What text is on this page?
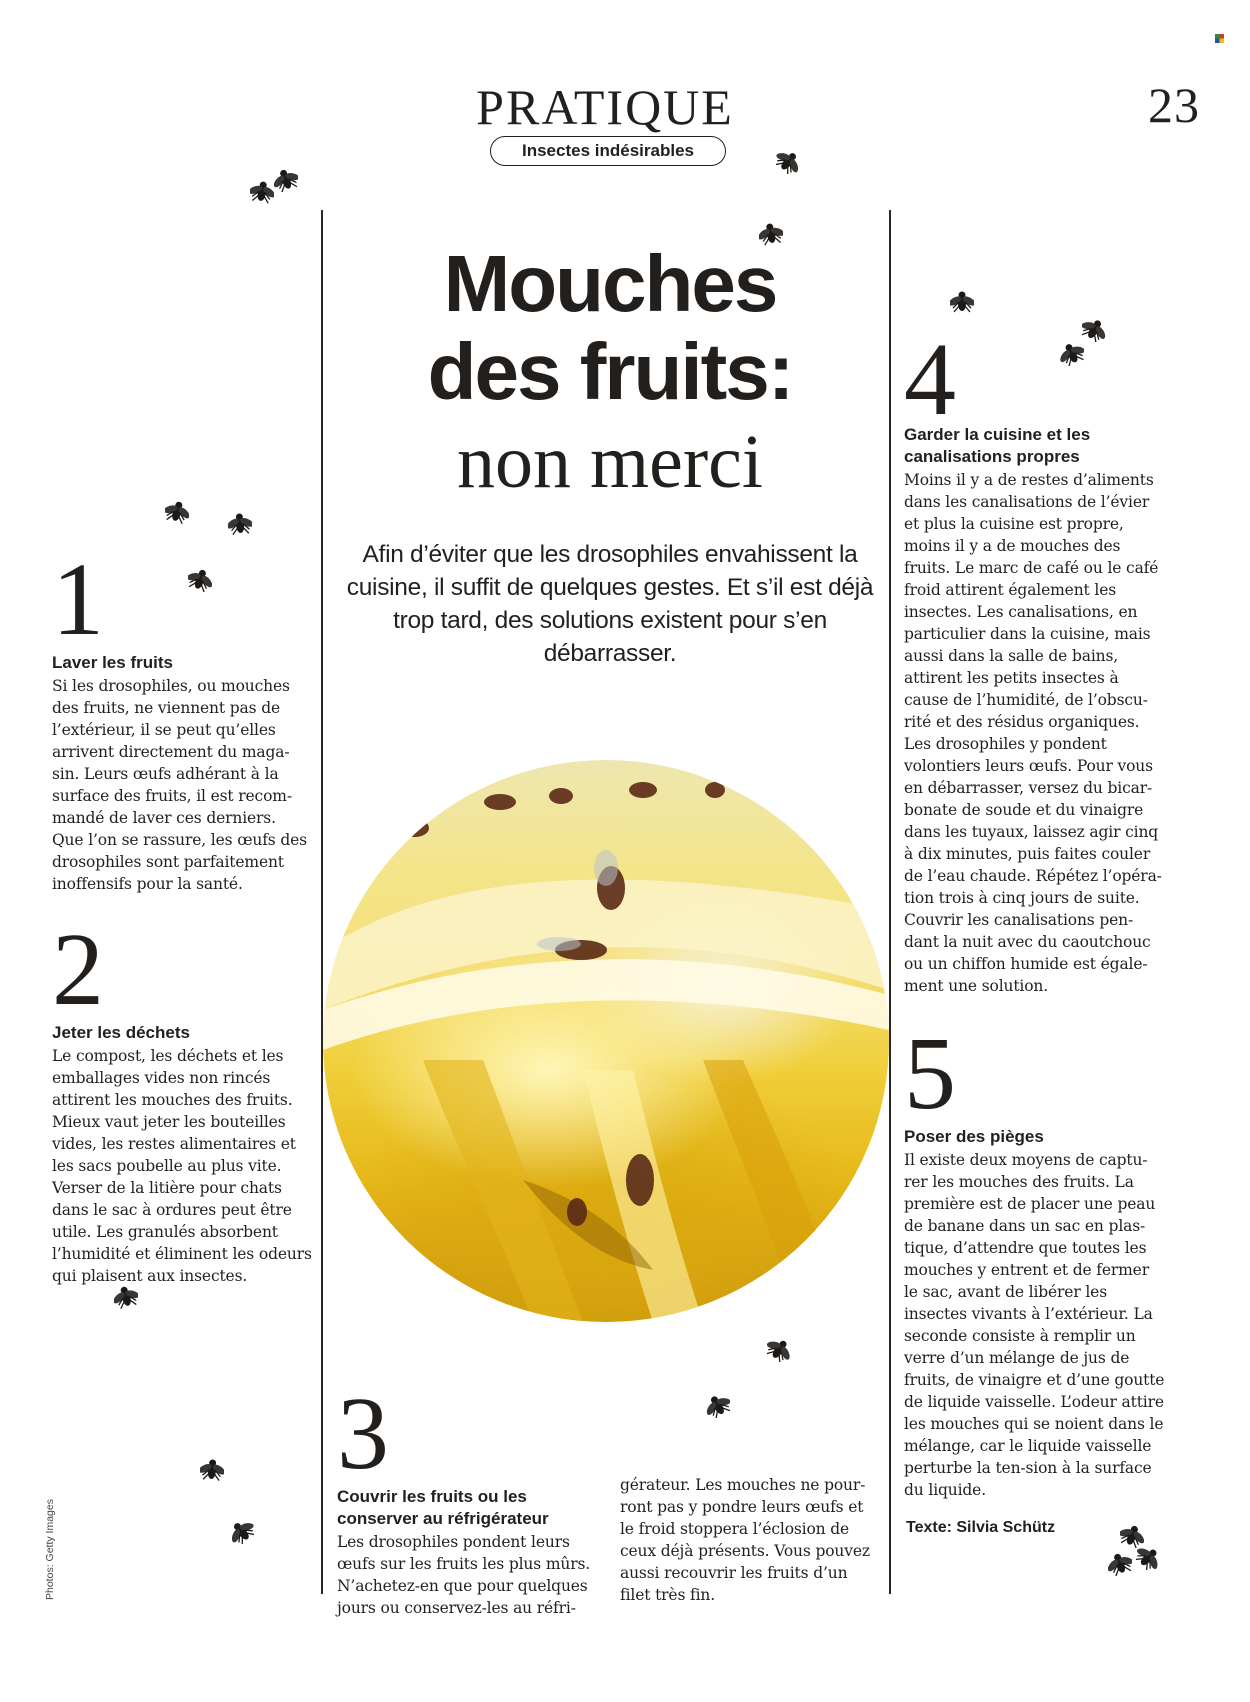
PRATIQUE
Insectes indésirables
23
Mouches
des fruits:
non merci
Afin d’éviter que les drosophiles envahissent la cuisine, il suffit de quelques gestes. Et s’il est déjà trop tard, des solutions existent pour s’en débarrasser.
1
Laver les fruits
Si les drosophiles, ou mouches des fruits, ne viennent pas de l’extérieur, il se peut qu’elles arrivent directement du maga-sin. Leurs œufs adhérant à la surface des fruits, il est recom-mandé de laver ces derniers. Que l’on se rassure, les œufs des drosophiles sont parfaitement inoffensifs pour la santé.
2
Jeter les déchets
Le compost, les déchets et les emballages vides non rincés attirent les mouches des fruits. Mieux vaut jeter les bouteilles vides, les restes alimentaires et les sacs poubelle au plus vite. Verser de la litière pour chats dans le sac à ordures peut être utile. Les granulés absorbent l’humidité et éliminent les odeurs qui plaisent aux insectes.
3
Couvrir les fruits ou les conserver au réfrigérateur
Les drosophiles pondent leurs œufs sur les fruits les plus mûrs. N’achetez-en que pour quelques jours ou conservez-les au réfri-
gérateur. Les mouches ne pour-ront pas y pondre leurs œufs et le froid stoppera l’éclosion de ceux déjà présents. Vous pouvez aussi recouvrir les fruits d’un filet très fin.
4
Garder la cuisine et les canalisations propres
Moins il y a de restes d’aliments dans les canalisations de l’évier et plus la cuisine est propre, moins il y a de mouches des fruits. Le marc de café ou le café froid attirent également les insectes. Les canalisations, en particulier dans la cuisine, mais aussi dans la salle de bains, attirent les petits insectes à cause de l’humidité, de l’obscu-rité et des résidus organiques. Les drosophiles y pondent volontiers leurs œufs. Pour vous en débarrasser, versez du bicar-bonate de soude et du vinaigre dans les tuyaux, laissez agir cinq à dix minutes, puis faites couler de l’eau chaude. Répétez l’opéra-tion trois à cinq jours de suite. Couvrir les canalisations pen-dant la nuit avec du caoutchouc ou un chiffon humide est égale-ment une solution.
5
Poser des pièges
Il existe deux moyens de captu-rer les mouches des fruits. La première est de placer une peau de banane dans un sac en plas-tique, d’attendre que toutes les mouches y entrent et de fermer le sac, avant de libérer les insectes vivants à l’extérieur. La seconde consiste à remplir un verre d’un mélange de jus de fruits, de vinaigre et d’une goutte de liquide vaisselle. L’odeur attire les mouches qui se noient dans le mélange, car le liquide vaisselle perturbe la ten-sion à la surface du liquide.
Texte: Silvia Schütz
Photos: Getty Images
